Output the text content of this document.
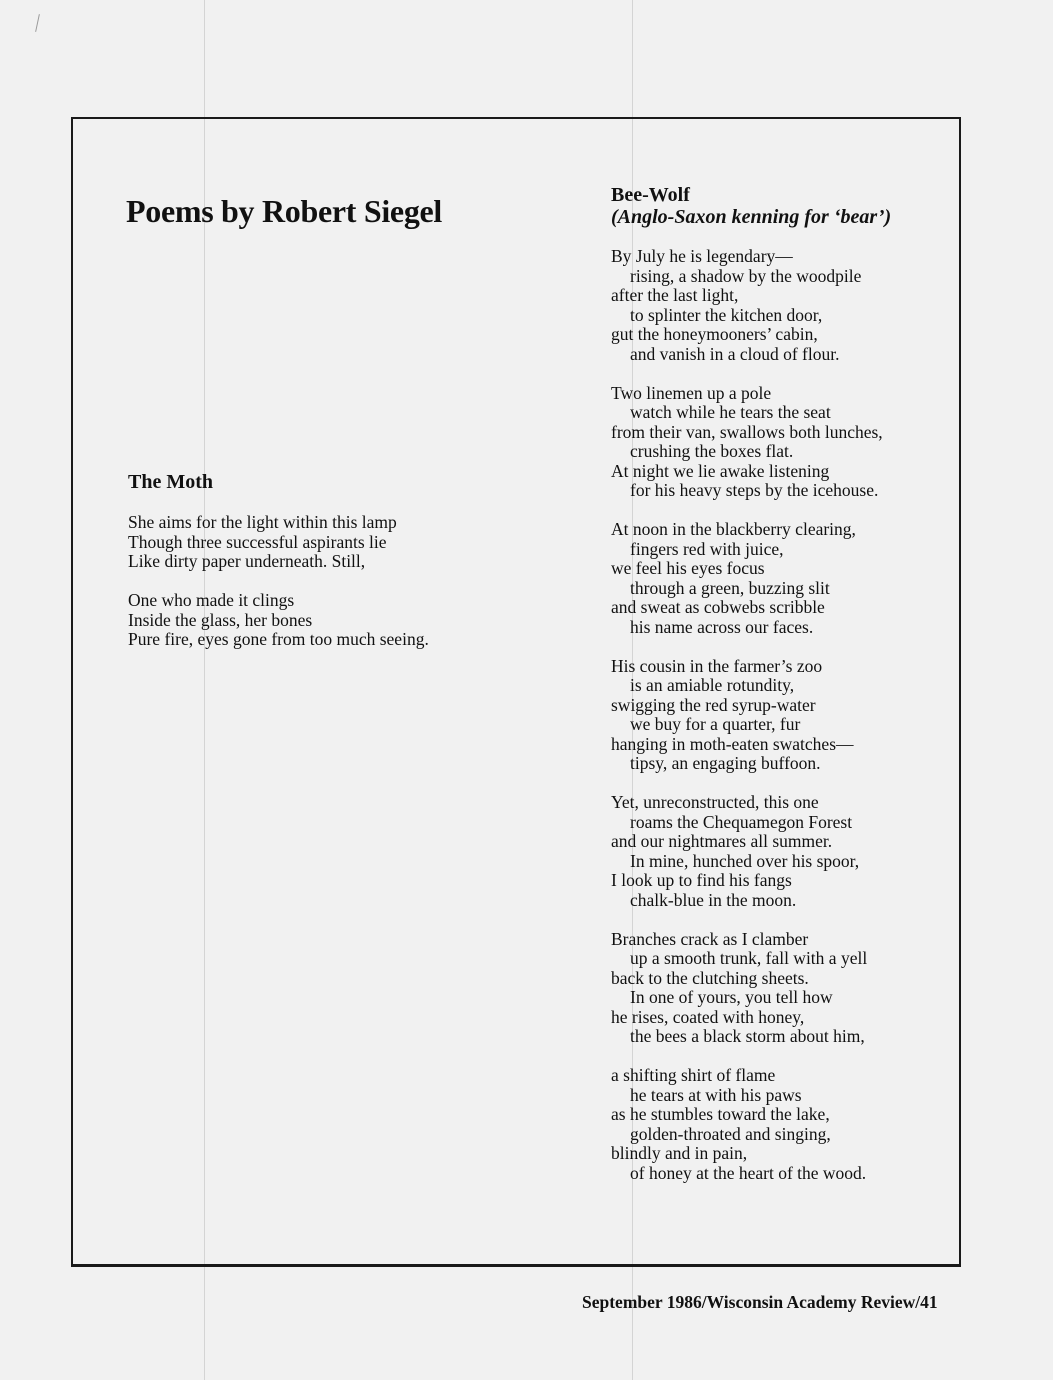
Poems by Robert Siegel
The Moth
She aims for the light within this lamp
Though three successful aspirants lie
Like dirty paper underneath. Still,
One who made it clings
Inside the glass, her bones
Pure fire, eyes gone from too much seeing.
Bee-Wolf
(Anglo-Saxon kenning for ‘bear’)
By July he is legendary—
rising, a shadow by the woodpile
after the last light,
to splinter the kitchen door,
gut the honeymooners’ cabin,
and vanish in a cloud of flour.
Two linemen up a pole
watch while he tears the seat
from their van, swallows both lunches,
crushing the boxes flat.
At night we lie awake listening
for his heavy steps by the icehouse.
At noon in the blackberry clearing,
fingers red with juice,
we feel his eyes focus
through a green, buzzing slit
and sweat as cobwebs scribble
his name across our faces.
His cousin in the farmer’s zoo
is an amiable rotundity,
swigging the red syrup-water
we buy for a quarter, fur
hanging in moth-eaten swatches—
tipsy, an engaging buffoon.
Yet, unreconstructed, this one
roams the Chequamegon Forest
and our nightmares all summer.
In mine, hunched over his spoor,
I look up to find his fangs
chalk-blue in the moon.
Branches crack as I clamber
up a smooth trunk, fall with a yell
back to the clutching sheets.
In one of yours, you tell how
he rises, coated with honey,
the bees a black storm about him,
a shifting shirt of flame
he tears at with his paws
as he stumbles toward the lake,
golden-throated and singing,
blindly and in pain,
of honey at the heart of the wood.
September 1986/Wisconsin Academy Review/41
